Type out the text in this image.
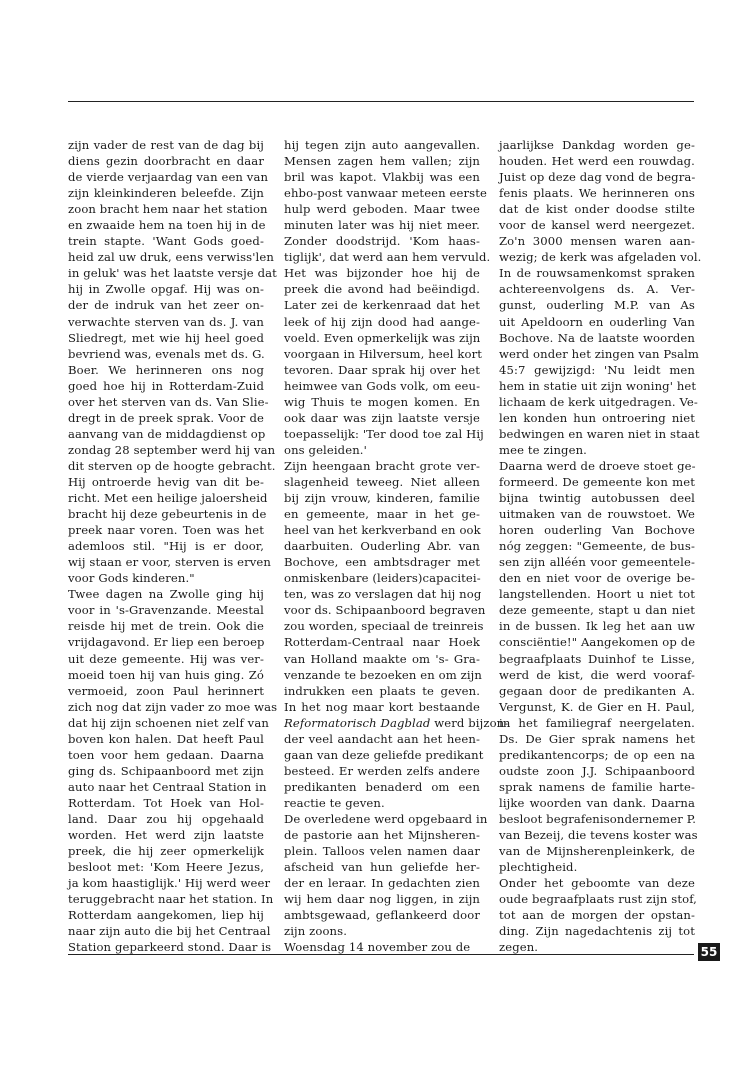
zijn vader de rest van de dag bij
diens gezin doorbracht en daar
de vierde verjaardag van een van
zijn kleinkinderen beleefde. Zijn
zoon bracht hem naar het station
en zwaaide hem na toen hij in de
trein stapte. 'Want Gods goed-
heid zal uw druk, eens verwiss'len
in geluk' was het laatste versje dat
hij in Zwolle opgaf. Hij was on-
der de indruk van het zeer on-
verwachte sterven van ds. J. van
Sliedregt, met wie hij heel goed
bevriend was, evenals met ds. G.
Boer. We herinneren ons nog
goed hoe hij in Rotterdam-Zuid
over het sterven van ds. Van Slie-
dregt in de preek sprak. Voor de
aanvang van de middagdienst op
zondag 28 september werd hij van
dit sterven op de hoogte gebracht.
Hij ontroerde hevig van dit be-
richt. Met een heilige jaloersheid
bracht hij deze gebeurtenis in de
preek naar voren. Toen was het
ademloos stil. "Hij is er door,
wij staan er voor, sterven is erven
voor Gods kinderen."
Twee dagen na Zwolle ging hij
voor in 's-Gravenzande. Meestal
reisde hij met de trein. Ook die
vrijdagavond. Er liep een beroep
uit deze gemeente. Hij was ver-
moeid toen hij van huis ging. Zó
vermoeid, zoon Paul herinnert
zich nog dat zijn vader zo moe was
dat hij zijn schoenen niet zelf van
boven kon halen. Dat heeft Paul
toen voor hem gedaan. Daarna
ging ds. Schipaanboord met zijn
auto naar het Centraal Station in
Rotterdam. Tot Hoek van Hol-
land. Daar zou hij opgehaald
worden. Het werd zijn laatste
preek, die hij zeer opmerkelijk
besloot met: 'Kom Heere Jezus,
ja kom haastiglijk.' Hij werd weer
teruggebracht naar het station. In
Rotterdam aangekomen, liep hij
naar zijn auto die bij het Centraal
Station geparkeerd stond. Daar is
hij tegen zijn auto aangevallen.
Mensen zagen hem vallen; zijn
bril was kapot. Vlakbij was een
ehbo-post vanwaar meteen eerste
hulp werd geboden. Maar twee
minuten later was hij niet meer.
Zonder doodstrijd. 'Kom haas-
tiglijk', dat werd aan hem vervuld.
Het was bijzonder hoe hij de
preek die avond had beëindigd.
Later zei de kerkenraad dat het
leek of hij zijn dood had aange-
voeld. Even opmerkelijk was zijn
voorgaan in Hilversum, heel kort
tevoren. Daar sprak hij over het
heimwee van Gods volk, om eeu-
wig Thuis te mogen komen. En
ook daar was zijn laatste versje
toepasselijk: 'Ter dood toe zal Hij
ons geleiden.'
Zijn heengaan bracht grote ver-
slagenheid teweeg. Niet alleen
bij zijn vrouw, kinderen, familie
en gemeente, maar in het ge-
heel van het kerkverband en ook
daarbuiten. Ouderling Abr. van
Bochove, een ambtsdrager met
onmiskenbare (leiders)capacitei-
ten, was zo verslagen dat hij nog
voor ds. Schipaanboord begraven
zou worden, speciaal de treinreis
Rotterdam-Centraal naar Hoek
van Holland maakte om 's- Gra-
venzande te bezoeken en om zijn
indrukken een plaats te geven.
In het nog maar kort bestaande
Reformatorisch Dagblad werd bijzon-
der veel aandacht aan het heen-
gaan van deze geliefde predikant
besteed. Er werden zelfs andere
predikanten benaderd om een
reactie te geven.
De overledene werd opgebaard in
de pastorie aan het Mijnsheren-
plein. Talloos velen namen daar
afscheid van hun geliefde her-
der en leraar. In gedachten zien
wij hem daar nog liggen, in zijn
ambtsgewaad, geflankeerd door
zijn zoons.
Woensdag 14 november zou de
jaarlijkse Dankdag worden ge-
houden. Het werd een rouwdag.
Juist op deze dag vond de begra-
fenis plaats. We herinneren ons
dat de kist onder doodse stilte
voor de kansel werd neergezet.
Zo'n 3000 mensen waren aan-
wezig; de kerk was afgeladen vol.
In de rouwsamenkomst spraken
achtereenvolgens ds. A. Ver-
gunst, ouderling M.P. van As
uit Apeldoorn en ouderling Van
Bochove. Na de laatste woorden
werd onder het zingen van Psalm
45:7 gewijzigd: 'Nu leidt men
hem in statie uit zijn woning' het
lichaam de kerk uitgedragen. Ve-
len konden hun ontroering niet
bedwingen en waren niet in staat
mee te zingen.
Daarna werd de droeve stoet ge-
formeerd. De gemeente kon met
bijna twintig autobussen deel
uitmaken van de rouwstoet. We
horen ouderling Van Bochove
nóg zeggen: "Gemeente, de bus-
sen zijn alléén voor gemeentele-
den en niet voor de overige be-
langstellenden. Hoort u niet tot
deze gemeente, stapt u dan niet
in de bussen. Ik leg het aan uw
consciëntie!" Aangekomen op de
begraafplaats Duinhof te Lisse,
werd de kist, die werd vooraf-
gegaan door de predikanten A.
Vergunst, K. de Gier en H. Paul,
in het familiegraf neergelaten.
Ds. De Gier sprak namens het
predikantencorps; de op een na
oudste zoon J.J. Schipaanboord
sprak namens de familie harte-
lijke woorden van dank. Daarna
besloot begrafenisondernemer P.
van Bezeij, die tevens koster was
van de Mijnsherenpleinkerk, de
plechtigheid.
Onder het geboomte van deze
oude begraafplaats rust zijn stof,
tot aan de morgen der opstan-
ding. Zijn nagedachtenis zij tot
zegen.	55
